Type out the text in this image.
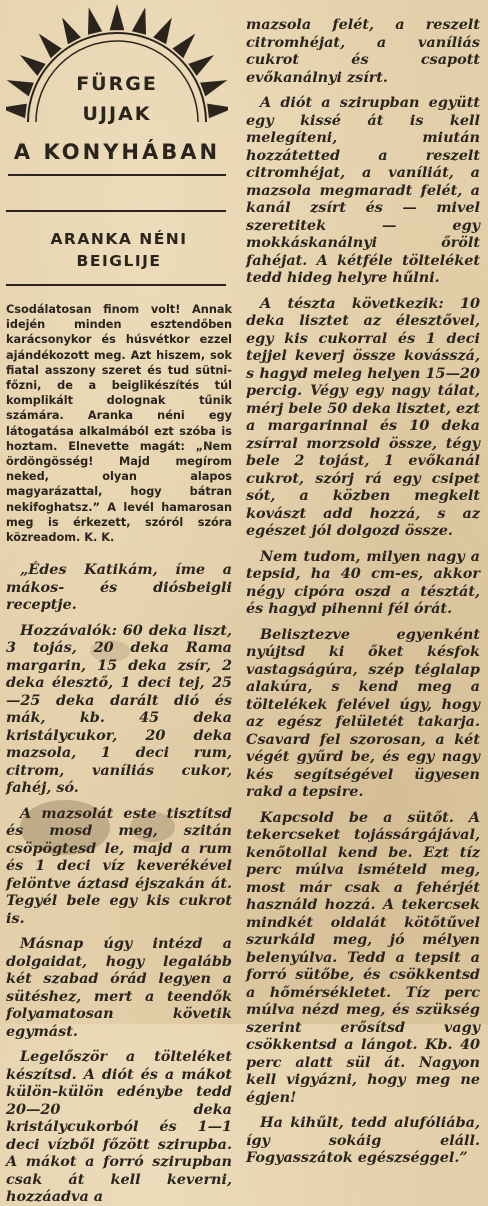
FÜRGE
UJJAK
A KONYHÁBAN
ARANKA NÉNI
BEIGLIJE

Csodálatosan finom volt! Annak idején minden esztendőben karácsonykor és húsvétkor ezzel ajándékozott meg. Azt hiszem, sok fiatal asszony szeret és tud sütni-főzni, de a beiglikészítés túl komplikált dolognak tűnik számára. Aranka néni egy látogatása alkalmából ezt szóba is hoztam. Elnevette magát: „Nem ördöngösség! Majd megírom neked, olyan alapos magyarázattal, hogy bátran nekifoghatsz.” A levél hamarosan meg is érkezett, szóról szóra közreadom. K. K.

„Édes Katikám, íme a mákos- és diósbeigli receptje.

Hozzávalók: 60 deka liszt, 3 tojás, 20 deka Rama margarin, 15 deka zsír, 2 deka élesztő, 1 deci tej, 25—25 deka darált dió és mák, kb. 45 deka kristálycukor, 20 deka mazsola, 1 deci rum, citrom, vaníliás cukor, fahéj, só.

A mazsolát este tisztítsd és mosd meg, szitán csöpögtesd le, majd a rum és 1 deci víz keverékével felöntve áztasd éjszakán át. Tegyél bele egy kis cukrot is.

Másnap úgy intézd a dolgaidat, hogy legalább két szabad órád legyen a sütéshez, mert a teendők folyamatosan követik egymást.

Legelőször a tölteléket készítsd. A diót és a mákot külön-külön edénybe tedd 20—20 deka kristálycukorból és 1—1 deci vízből főzött szirupba. A mákot a forró szirupban csak át kell keverni, hozzáadva a

mazsola felét, a reszelt citromhéjat, a vaníliás cukrot és csapott evőkanálnyi zsírt.

A diót a szirupban együtt egy kissé át is kell melegíteni, miután hozzátetted a reszelt citromhéjat, a vaníliát, a mazsola megmaradt felét, a kanál zsírt és — mivel szeretitek — egy mokkáskanálnyi őrölt fahéjat. A kétféle tölteléket tedd hideg helyre hűlni.

A tészta következik: 10 deka lisztet az élesztővel, egy kis cukorral és 1 deci tejjel keverj össze kovásszá, s hagyd meleg helyen 15—20 percig. Végy egy nagy tálat, mérj bele 50 deka lisztet, ezt a margarinnal és 10 deka zsírral morzsold össze, tégy bele 2 tojást, 1 evőkanál cukrot, szórj rá egy csipet sót, a közben megkelt kovászt add hozzá, s az egészet jól dolgozd össze.

Nem tudom, milyen nagy a tepsid, ha 40 cm-es, akkor négy cipóra oszd a tésztát, és hagyd pihenni fél órát.

Belisztezve egyenként nyújtsd ki őket késfok vastagságúra, szép téglalap alakúra, s kend meg a töltelékek felével úgy, hogy az egész felületét takarja. Csavard fel szorosan, a két végét gyűrd be, és egy nagy kés segítségével ügyesen rakd a tepsire.

Kapcsold be a sütőt. A tekercseket tojássárgájával, kenőtollal kend be. Ezt tíz perc múlva ismételd meg, most már csak a fehérjét használd hozzá. A tekercsek mindkét oldalát kötőtűvel szurkáld meg, jó mélyen belenyúlva. Tedd a tepsit a forró sütőbe, és csökkentsd a hőmérsékletet. Tíz perc múlva nézd meg, és szükség szerint erősítsd vagy csökkentsd a lángot. Kb. 40 perc alatt sül át. Nagyon kell vigyázni, hogy meg ne égjen!

Ha kihűlt, tedd alufóliába, így sokáig eláll. Fogyasszátok egészséggel.”
